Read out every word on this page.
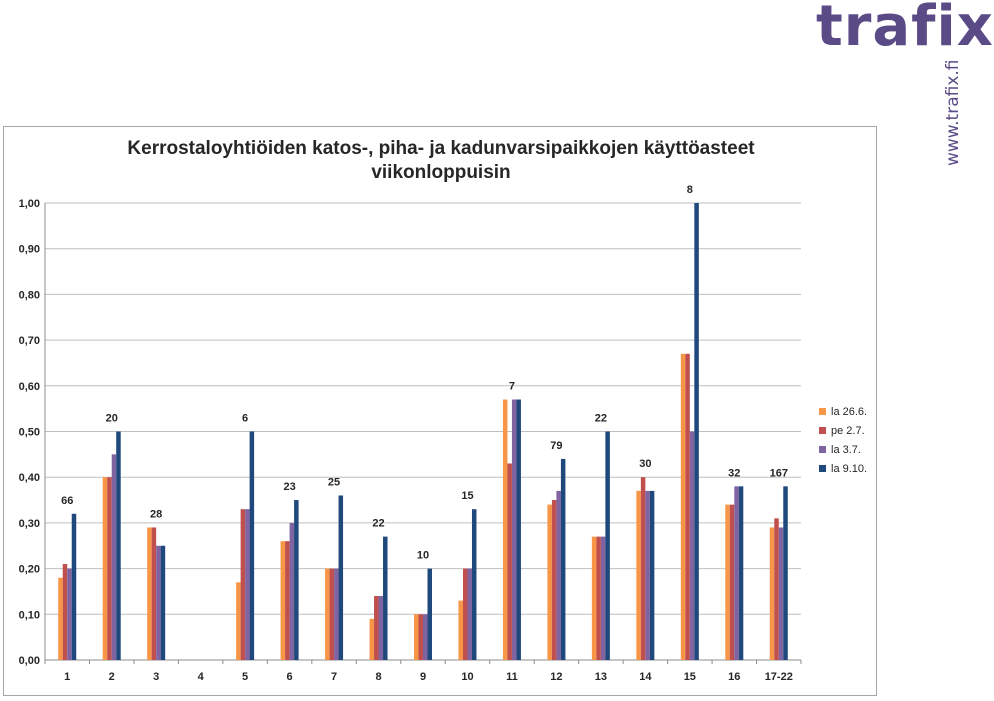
trafix
www.trafix.fi
Kerrostaloyhtiöiden katos-, piha- ja kadunvarsipaikkojen käyttöasteet
viikonloppuisin
0,00
0,10
0,20
0,30
0,40
0,50
0,60
0,70
0,80
0,90
1,00
1
66
2
20
3
28
4	5
6
6
23
7
25
8
22
9
10
10
15
11
7
12
79
13
22
14
30
15
8
16
32
17-22
167
la 26.6.
pe 2.7.
la 3.7.
la 9.10.
